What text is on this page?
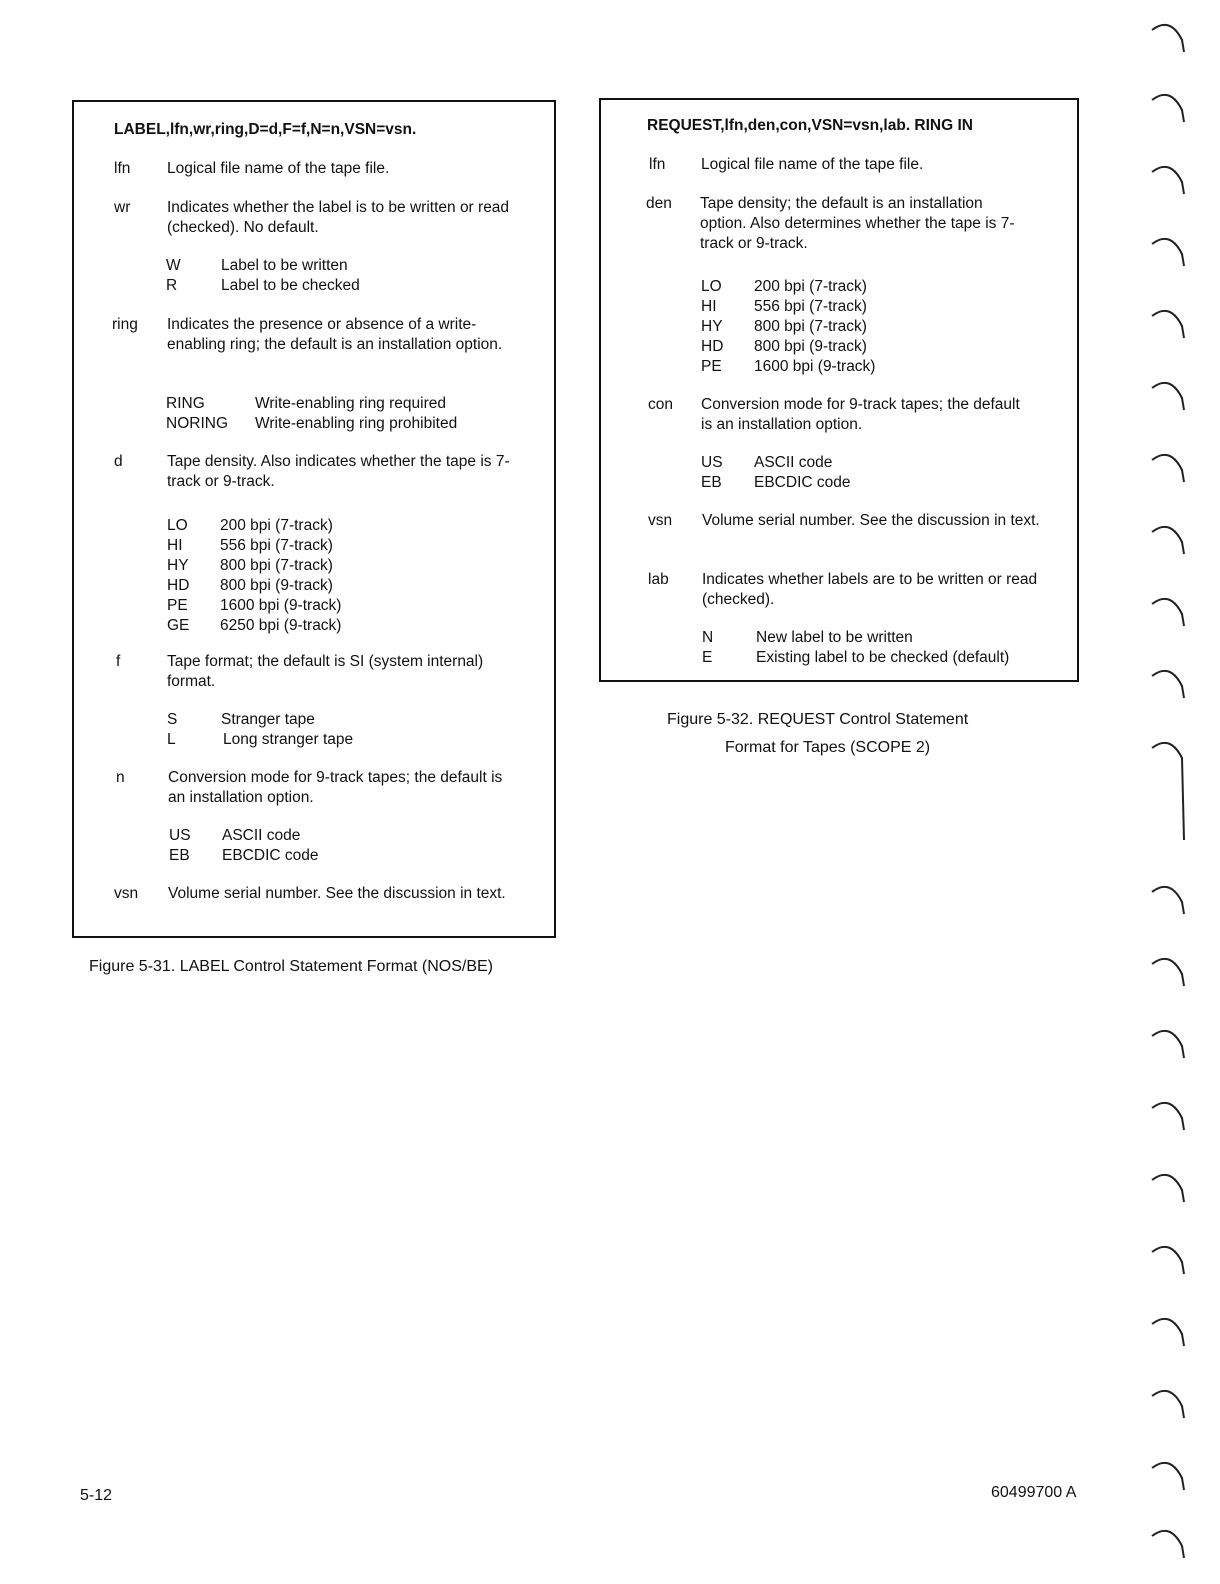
LABEL,lfn,wr,ring,D=d,F=f,N=n,VSN=vsn.
lfn Logical file name of the tape file.
wr Indicates whether the label is to be written or read (checked). No default.
W	Label to be written
R	Label to be checked
ring Indicates the presence or absence of a write-enabling ring; the default is an installation option.
RING	Write-enabling ring required
NORING Write-enabling ring prohibited
d	Tape density. Also indicates whether the tape is 7-track or 9-track.
LO 200 bpi (7-track)
HI 556 bpi (7-track)
HY 800 bpi (7-track)
HD 800 bpi (9-track)
PE 1600 bpi (9-track)
GE 6250 bpi (9-track)
f	Tape format; the default is SI (system internal) format.
S	Stranger tape
L	Long stranger tape
n	Conversion mode for 9-track tapes; the default is an installation option.
US ASCII code
EB EBCDIC code
vsn Volume serial number. See the discussion in text.
Figure 5-31. LABEL Control Statement Format (NOS/BE)
REQUEST,lfn,den,con,VSN=vsn,lab. RING IN
lfn Logical file name of the tape file.
den Tape density; the default is an installation option. Also determines whether the tape is 7-track or 9-track.
LO 200 bpi (7-track)
HI 556 bpi (7-track)
HY 800 bpi (7-track)
HD 800 bpi (9-track)
PE 1600 bpi (9-track)
con Conversion mode for 9-track tapes; the default is an installation option.
US ASCII code
EB EBCDIC code
vsn Volume serial number. See the discussion in text.
lab Indicates whether labels are to be written or read (checked).
N	New label to be written
E	Existing label to be checked (default)
Figure 5-32. REQUEST Control Statement
Format for Tapes (SCOPE 2)
5-12	60499700 A
